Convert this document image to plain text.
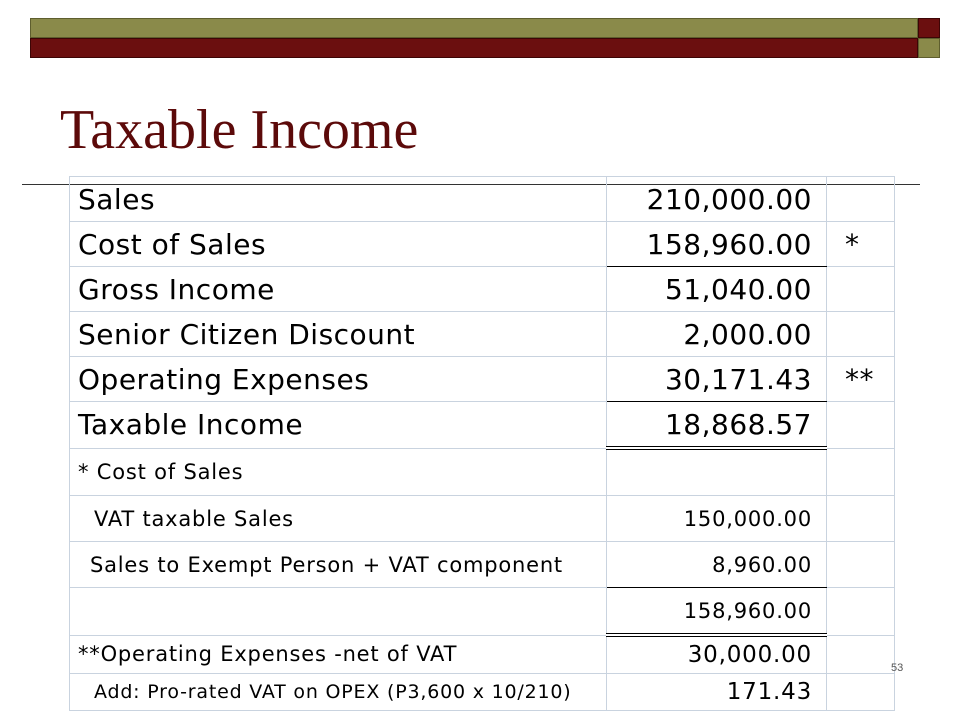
Taxable Income
Sales	210,000.00	
Cost of Sales	158,960.00	*
Gross Income	51,040.00	
Senior Citizen Discount	2,000.00	
Operating Expenses	30,171.43	**
Taxable Income	18,868.57	
* Cost of Sales		
VAT taxable Sales	150,000.00	
Sales to Exempt Person + VAT component	8,960.00	
	158,960.00	
**Operating Expenses -net of VAT	30,000.00	
Add: Pro-rated VAT on OPEX (P3,600 x 10/210)	171.43	
53
